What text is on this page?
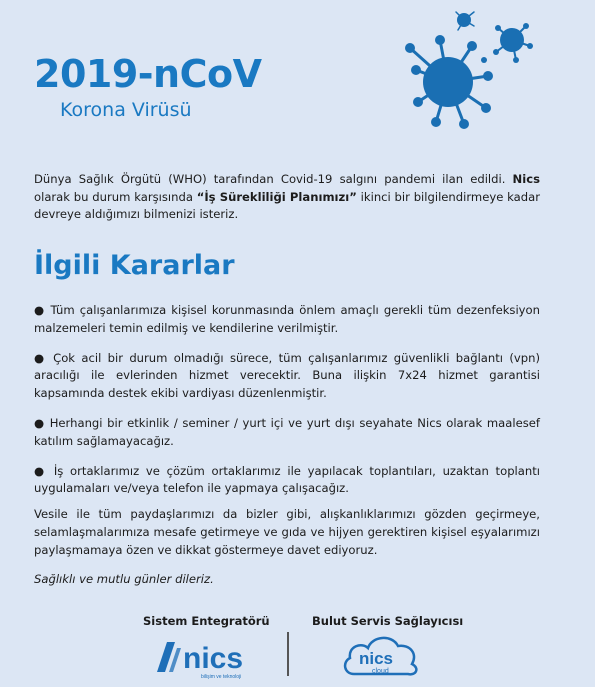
2019-nCoV
Korona Virüsü
Dünya Sağlık Örgütü (WHO) tarafından Covid-19 salgını pandemi ilan edildi. Nics olarak bu durum karşısında “İş Sürekliliği Planımızı” ikinci bir bilgilendirmeye kadar devreye aldığımızı bilmenizi isteriz.
İlgili Kararlar
● Tüm çalışanlarımıza kişisel korunmasında önlem amaçlı gerekli tüm dezenfeksiyon malzemeleri temin edilmiş ve kendilerine verilmiştir.
● Çok acil bir durum olmadığı sürece, tüm çalışanlarımız güvenlikli bağlantı (vpn) aracılığı ile evlerinden hizmet verecektir. Buna ilişkin 7x24 hizmet garantisi kapsamında destek ekibi vardiyası düzenlenmiştir.
● Herhangi bir etkinlik / seminer / yurt içi ve yurt dışı seyahate Nics olarak maalesef katılım sağlamayacağız.
● İş ortaklarımız ve çözüm ortaklarımız ile yapılacak toplantıları, uzaktan toplantı uygulamaları ve/veya telefon ile yapmaya çalışacağız.
Vesile ile tüm paydaşlarımızı da bizler gibi, alışkanlıklarımızı gözden geçirmeye, selamlaşmalarımıza mesafe getirmeye ve gıda ve hijyen gerektiren kişisel eşyalarımızı paylaşmamaya özen ve dikkat göstermeye davet ediyoruz.
Sağlıklı ve mutlu günler dileriz.
Sistem Entegratörü	Bulut Servis Sağlayıcısı
nics
bilişim ve teknoloji
nics
cloud
